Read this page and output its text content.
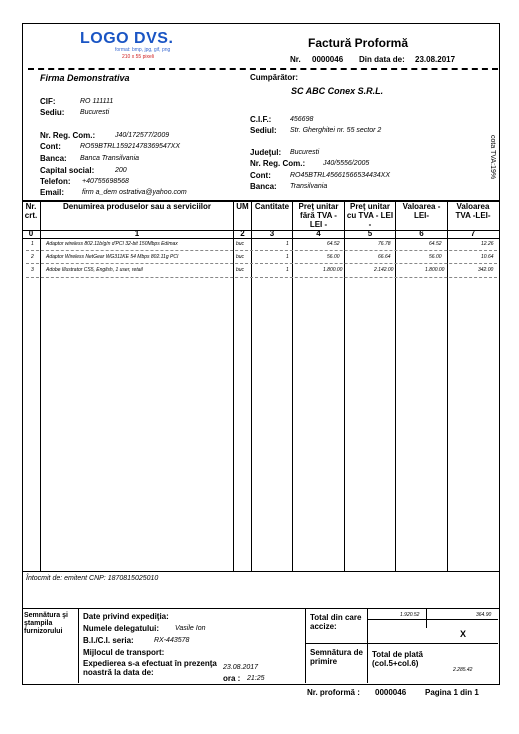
LOGO DVS.
format: bmp, jpg, gif, png
210 x 55 pixeli
Factură Proformă
Nr. 0000046 Din data de: 23.08.2017
Firma Demonstrativa
CIF:	RO 111111
Sediu: Bucuresti
Nr. Reg. Com.:	J40/172577/2009
Cont:	RO59BTRL15921478369547XX
Banca: Banca Transilvania
Capital social:	200
Telefon: +40755698568
Email:	firm a_dem ostrativa@yahoo.com
Cumpărător:
SC ABC Conex S.R.L.
C.I.F.:	456698
Sediul: Str. Gherghitei nr. 55 sector 2
Judeţul: Bucuresti
Nr. Reg. Com.:	J40/5556/2005
Cont:	RO45BTRL45661566534434XX
Banca: Transilvania
cota TVA:19%
Nr. crt.
Denumirea produselor sau a serviciilor	UM Cantitate	Preţ unitar fără TVA - LEI -
Preţ unitar cu TVA - LEI -
Valoarea -LEI-
Valoarea TVA -LEI-
0	1	2	3	4	5	6	7
1 Adaptor wireless 802.11b/g/n d'PCI 32-bit 150Mbps Edimax	buc	1	64.52	76.78	64.52	12.26
2 Adaptor Wireless NetGear WG311KE 54 Mbps 802.11g PCI	buc	1	56.00	66.64	56.00	10.64
3 Adobe Illustrator CS5, English, 1 user, retail	buc	1	1.800.00	2.142.00	1.800.00	342.00
Întocmit de: emitent CNP: 1870815025010
Semnătura şi ştampila furnizorului
Date privind expediţia:
Numele delegatului: Vasile Ion
B.I./C.I. seria:	RX-443578
Mijlocul de transport:
Expedierea s-a efectuat în prezenţa noastră la data de:
23.08.2017
ora : 21:25
Total din care accize:
1.920.52	364.90
X
Semnătura de primire
Total de plată (col.5+col.6)
2.285.42
Nr. proformă : 0000046 Pagina 1 din 1
